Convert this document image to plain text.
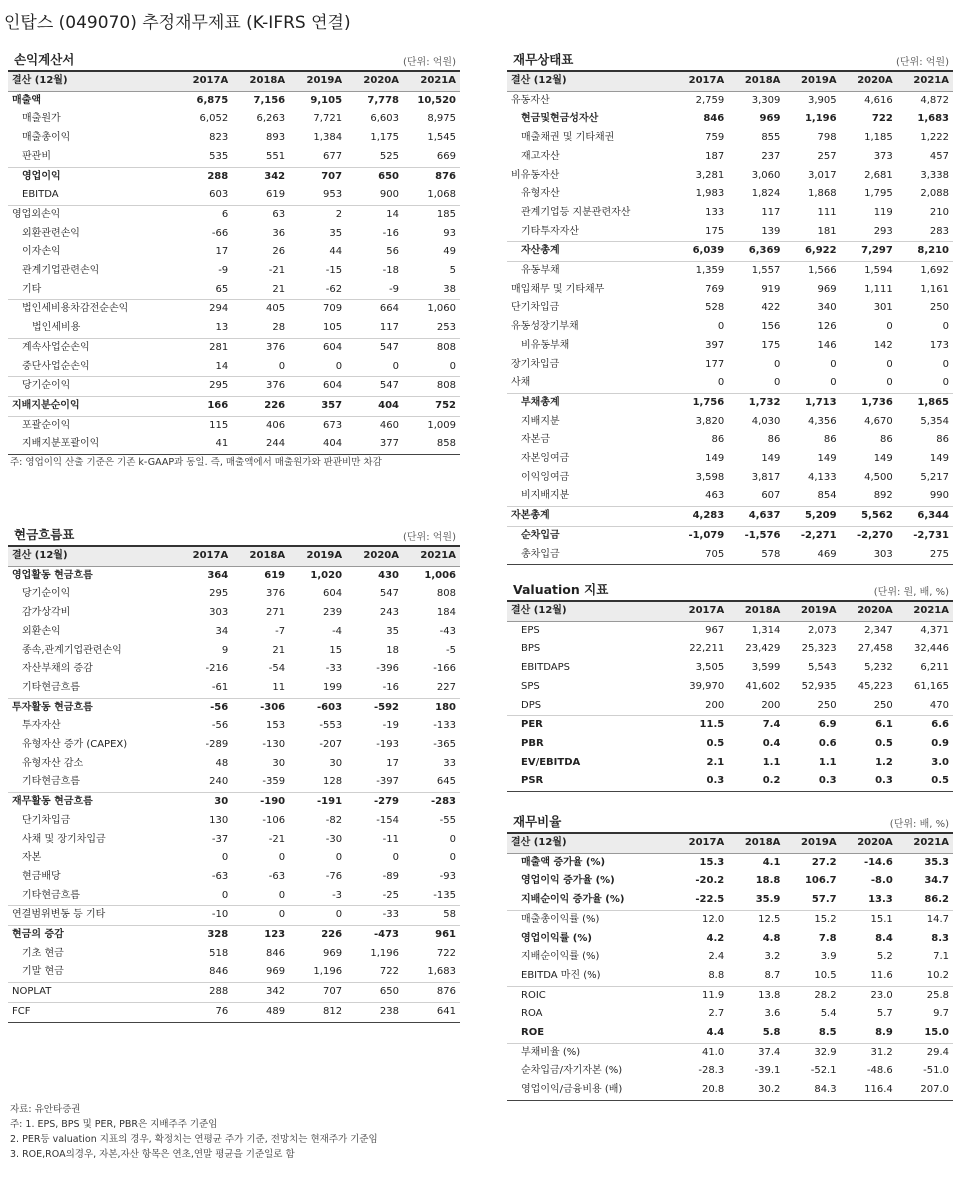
인탑스 (049070) 추정재무제표 (K-IFRS 연결)
손익계산서	(단위: 억원)
결산 (12월)	2017A	2018A	2019A	2020A	2021A
매출액	6,875	7,156	9,105	7,778	10,520
매출원가	6,052	6,263	7,721	6,603	8,975
매출총이익	823	893	1,384	1,175	1,545
판관비	535	551	677	525	669
영업이익	288	342	707	650	876
EBITDA	603	619	953	900	1,068
영업외손익	6	63	2	14	185
외환관련손익	-66	36	35	-16	93
이자손익	17	26	44	56	49
관계기업관련손익	-9	-21	-15	-18	5
기타	65	21	-62	-9	38
법인세비용차감전순손익	294	405	709	664	1,060
법인세비용	13	28	105	117	253
계속사업순손익	281	376	604	547	808
중단사업순손익	14	0	0	0	0
당기순이익	295	376	604	547	808
지배지분순이익	166	226	357	404	752
포괄순이익	115	406	673	460	1,009
지배지분포괄이익	41	244	404	377	858
주: 영업이익 산출 기준은 기존 k-GAAP과 동일. 즉, 매출액에서 매출원가와 판관비만 차감
재무상태표	(단위: 억원)
결산 (12월)	2017A	2018A	2019A	2020A	2021A
유동자산	2,759	3,309	3,905	4,616	4,872
현금및현금성자산	846	969	1,196	722	1,683
매출채권 및 기타채권	759	855	798	1,185	1,222
재고자산	187	237	257	373	457
비유동자산	3,281	3,060	3,017	2,681	3,338
유형자산	1,983	1,824	1,868	1,795	2,088
관계기업등 지분관련자산	133	117	111	119	210
기타투자자산	175	139	181	293	283
자산총계	6,039	6,369	6,922	7,297	8,210
유동부채	1,359	1,557	1,566	1,594	1,692
매입채무 및 기타채무	769	919	969	1,111	1,161
단기차입금	528	422	340	301	250
유동성장기부채	0	156	126	0	0
비유동부채	397	175	146	142	173
장기차입금	177	0	0	0	0
사채	0	0	0	0	0
부채총계	1,756	1,732	1,713	1,736	1,865
지배지분	3,820	4,030	4,356	4,670	5,354
자본금	86	86	86	86	86
자본잉여금	149	149	149	149	149
이익잉여금	3,598	3,817	4,133	4,500	5,217
비지배지분	463	607	854	892	990
자본총계	4,283	4,637	5,209	5,562	6,344
순차입금	-1,079	-1,576	-2,271	-2,270	-2,731
총차입금	705	578	469	303	275
현금흐름표	(단위: 억원)
결산 (12월)	2017A	2018A	2019A	2020A	2021A
영업활동 현금흐름	364	619	1,020	430	1,006
당기순이익	295	376	604	547	808
감가상각비	303	271	239	243	184
외환손익	34	-7	-4	35	-43
종속,관계기업관련손익	9	21	15	18	-5
자산부채의 증감	-216	-54	-33	-396	-166
기타현금흐름	-61	11	199	-16	227
투자활동 현금흐름	-56	-306	-603	-592	180
투자자산	-56	153	-553	-19	-133
유형자산 증가 (CAPEX)	-289	-130	-207	-193	-365
유형자산 감소	48	30	30	17	33
기타현금흐름	240	-359	128	-397	645
재무활동 현금흐름	30	-190	-191	-279	-283
단기차입금	130	-106	-82	-154	-55
사채 및 장기차입금	-37	-21	-30	-11	0
자본	0	0	0	0	0
현금배당	-63	-63	-76	-89	-93
기타현금흐름	0	0	-3	-25	-135
연결범위변동 등 기타	-10	0	0	-33	58
현금의 증감	328	123	226	-473	961
기초 현금	518	846	969	1,196	722
기말 현금	846	969	1,196	722	1,683
NOPLAT	288	342	707	650	876
FCF	76	489	812	238	641
Valuation 지표	(단위: 원, 배, %)
결산 (12월)	2017A	2018A	2019A	2020A	2021A
EPS	967	1,314	2,073	2,347	4,371
BPS	22,211	23,429	25,323	27,458	32,446
EBITDAPS	3,505	3,599	5,543	5,232	6,211
SPS	39,970	41,602	52,935	45,223	61,165
DPS	200	200	250	250	470
PER	11.5	7.4	6.9	6.1	6.6
PBR	0.5	0.4	0.6	0.5	0.9
EV/EBITDA	2.1	1.1	1.1	1.2	3.0
PSR	0.3	0.2	0.3	0.3	0.5
재무비율	(단위: 배, %)
결산 (12월)	2017A	2018A	2019A	2020A	2021A
매출액 증가율 (%)	15.3	4.1	27.2	-14.6	35.3
영업이익 증가율 (%)	-20.2	18.8	106.7	-8.0	34.7
지배순이익 증가율 (%)	-22.5	35.9	57.7	13.3	86.2
매출총이익률 (%)	12.0	12.5	15.2	15.1	14.7
영업이익률 (%)	4.2	4.8	7.8	8.4	8.3
지배순이익률 (%)	2.4	3.2	3.9	5.2	7.1
EBITDA 마진 (%)	8.8	8.7	10.5	11.6	10.2
ROIC	11.9	13.8	28.2	23.0	25.8
ROA	2.7	3.6	5.4	5.7	9.7
ROE	4.4	5.8	8.5	8.9	15.0
부채비율 (%)	41.0	37.4	32.9	31.2	29.4
순차입금/자기자본 (%)	-28.3	-39.1	-52.1	-48.6	-51.0
영업이익/금융비용 (배)	20.8	30.2	84.3	116.4	207.0
자료: 유안타증권
주: 1. EPS, BPS 및 PER, PBR은 지배주주 기준임
2. PER등 valuation 지표의 경우, 확정치는 연평균 주가 기준, 전망치는 현재주가 기준임
3. ROE,ROA의경우, 자본,자산 항목은 연초,연말 평균을 기준일로 함
